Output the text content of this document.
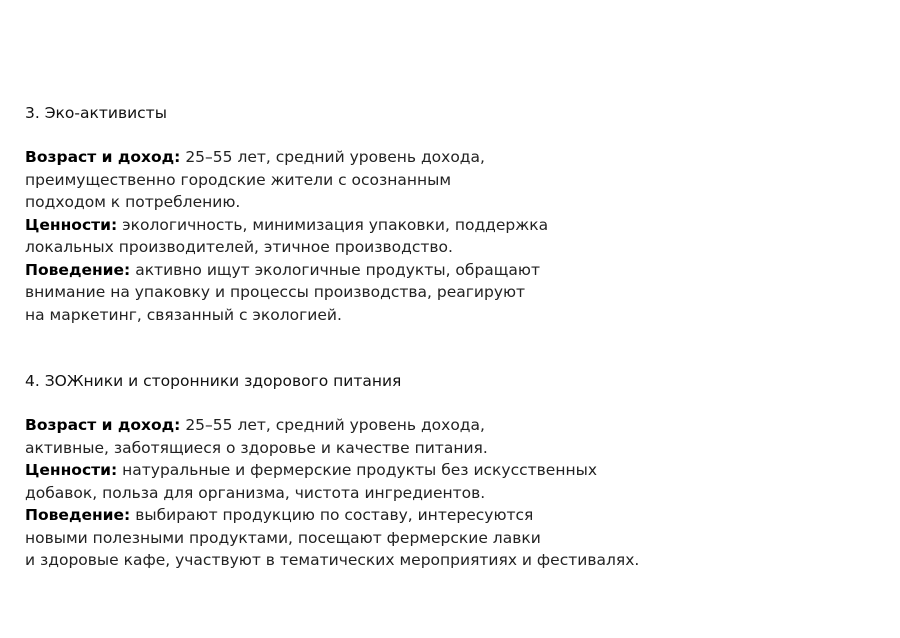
3. Эко-активисты
Возраст и доход: 25–55 лет, средний уровень дохода,
преимущественно городские жители с осознанным
подходом к потреблению.
Ценности: экологичность, минимизация упаковки, поддержка
локальных производителей, этичное производство.
Поведение: активно ищут экологичные продукты, обращают
внимание на упаковку и процессы производства, реагируют
на маркетинг, связанный с экологией.
4. ЗОЖники и сторонники здорового питания
Возраст и доход: 25–55 лет, средний уровень дохода,
активные, заботящиеся о здоровье и качестве питания.
Ценности: натуральные и фермерские продукты без искусственных
добавок, польза для организма, чистота ингредиентов.
Поведение: выбирают продукцию по составу, интересуются
новыми полезными продуктами, посещают фермерские лавки
и здоровые кафе, участвуют в тематических мероприятиях и фестивалях.
